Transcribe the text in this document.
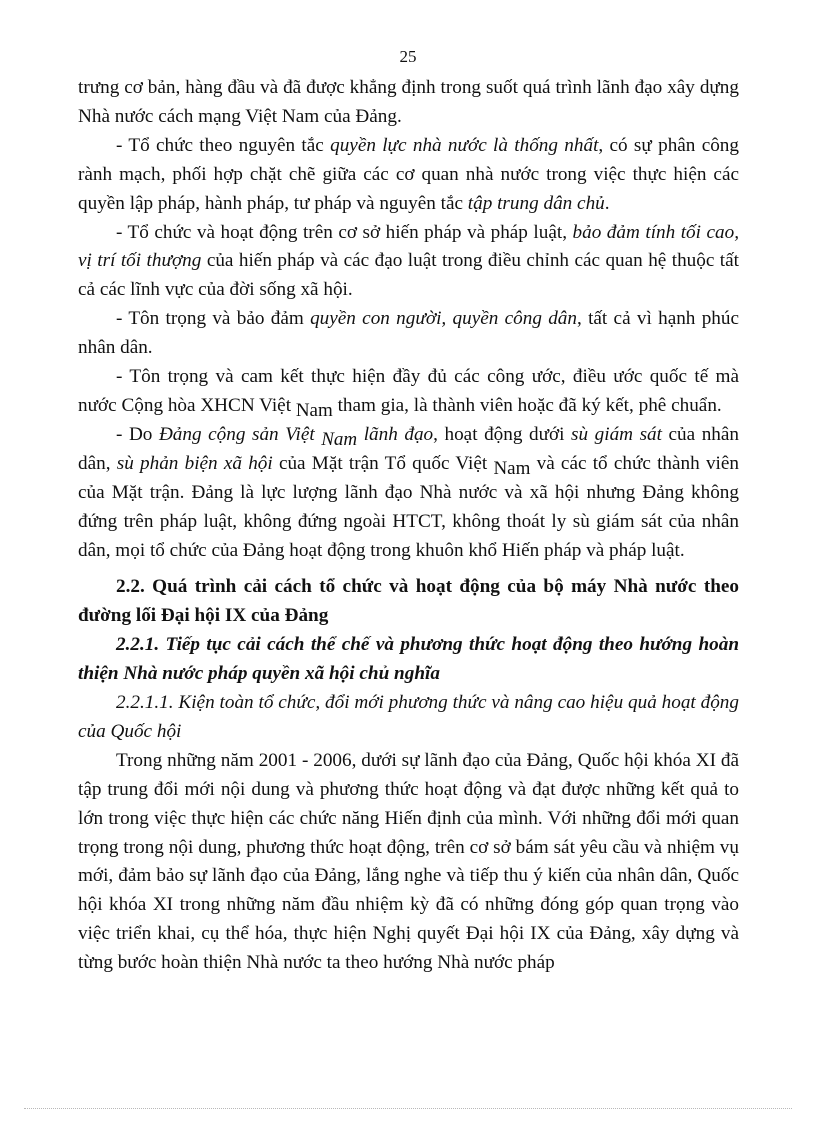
25

trưng cơ bản, hàng đầu và đã được khẳng định trong suốt quá trình lãnh đạo xây dựng Nhà nước cách mạng Việt Nam của Đảng.

- Tổ chức theo nguyên tắc quyền lực nhà nước là thống nhất, có sự phân công rành mạch, phối hợp chặt chẽ giữa các cơ quan nhà nước trong việc thực hiện các quyền lập pháp, hành pháp, tư pháp và nguyên tắc tập trung dân chủ.

- Tổ chức và hoạt động trên cơ sở hiến pháp và pháp luật, bảo đảm tính tối cao, vị trí tối thượng của hiến pháp và các đạo luật trong điều chỉnh các quan hệ thuộc tất cả các lĩnh vực của đời sống xã hội.

- Tôn trọng và bảo đảm quyền con người, quyền công dân, tất cả vì hạnh phúc nhân dân.

- Tôn trọng và cam kết thực hiện đầy đủ các công ước, điều ước quốc tế mà nước Cộng hòa XHCN Việt Nam tham gia, là thành viên hoặc đã ký kết, phê chuẩn.

- Do Đảng cộng sản Việt Nam lãnh đạo, hoạt động dưới sù giám sát của nhân dân, sù phản biện xã hội của Mặt trận Tổ quốc Việt Nam và các tổ chức thành viên của Mặt trận. Đảng là lực lượng lãnh đạo Nhà nước và xã hội nhưng Đảng không đứng trên pháp luật, không đứng ngoài HTCT, không thoát ly sù giám sát của nhân dân, mọi tổ chức của Đảng hoạt động trong khuôn khổ Hiến pháp và pháp luật.

2.2. Quá trình cải cách tổ chức và hoạt động của bộ máy Nhà nước theo đường lối Đại hội IX của Đảng

2.2.1. Tiếp tục cải cách thể chế và phương thức hoạt động theo hướng hoàn thiện Nhà nước pháp quyền xã hội chủ nghĩa

2.2.1.1. Kiện toàn tổ chức, đổi mới phương thức và nâng cao hiệu quả hoạt động của Quốc hội

Trong những năm 2001 - 2006, dưới sự lãnh đạo của Đảng, Quốc hội khóa XI đã tập trung đổi mới nội dung và phương thức hoạt động và đạt được những kết quả to lớn trong việc thực hiện các chức năng Hiến định của mình. Với những đổi mới quan trọng trong nội dung, phương thức hoạt động, trên cơ sở bám sát yêu cầu và nhiệm vụ mới, đảm bảo sự lãnh đạo của Đảng, lắng nghe và tiếp thu ý kiến của nhân dân, Quốc hội khóa XI trong những năm đầu nhiệm kỳ đã có những đóng góp quan trọng vào việc triển khai, cụ thể hóa, thực hiện Nghị quyết Đại hội IX của Đảng, xây dựng và từng bước hoàn thiện Nhà nước ta theo hướng Nhà nước pháp
